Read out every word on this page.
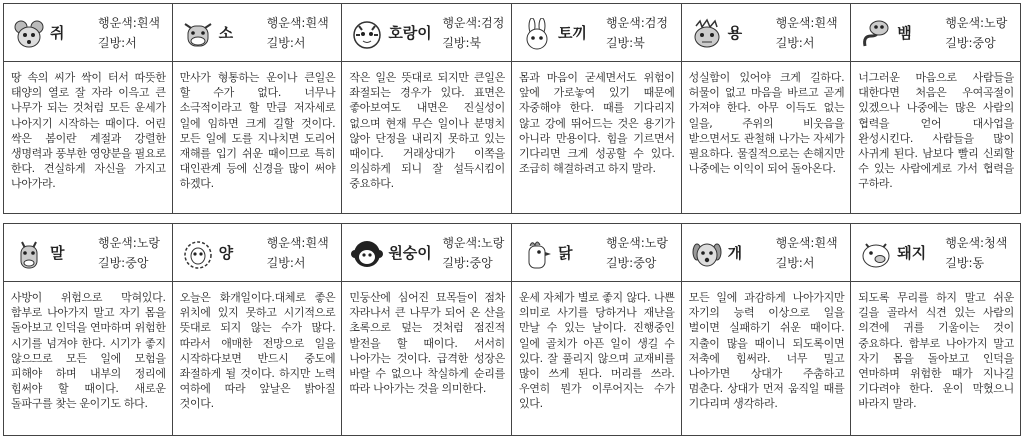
쥐
행운색:흰색
길방:서
땅 속의 씨가 싹이 터서 따뜻한 태양의 열로 잘 자라 이윽고 큰 나무가 되는 것처럼 모든 운세가 나아지기 시작하는 때이다. 어린 싹은 봄이란 계절과 강렬한 생명력과 풍부한 영양분을 필요로 한다. 견실하게 자신을 가지고 나아가라.
소
행운색:흰색
길방:서
만사가 형통하는 운이나 큰일은 할 수가 없다. 너무나 소극적이라고 할 만큼 저자세로 일에 임하면 크게 길할 것이다. 모든 일에 도를 지나치면 도리어 재해를 입기 쉬운 때이므로 특히 대인관계 등에 신경을 많이 써야 하겠다.
호랑이
행운색:검정
길방:북
작은 일은 뜻대로 되지만 큰일은 좌절되는 경우가 있다. 표면은 좋아보여도 내면은 진실성이 없으며 현재 무슨 일이나 분명치 않아 단정을 내리지 못하고 있는 때이다. 거래상대가 이쪽을 의심하게 되니 잘 설득시킴이 중요하다.
토끼
행운색:검정
길방:북
몸과 마음이 굳세면서도 위험이 앞에 가로놓여 있기 때문에 자중해야 한다. 때를 기다리지 않고 강에 뛰어드는 것은 용기가 아니라 만용이다. 힘을 기르면서 기다리면 크게 성공할 수 있다. 조급히 해결하려고 하지 말라.
용
행운색:흰색
길방:서
성실함이 있어야 크게 길하다. 허물이 없고 마음을 바르고 곧게 가져야 한다. 아무 이득도 없는 일을, 주위의 비웃음을 받으면서도 관철해 나가는 자세가 필요하다. 물질적으로는 손해지만 나중에는 이익이 되어 돌아온다.
뱀
행운색:노랑
길방:중앙
너그러운 마음으로 사람들을 대한다면 처음은 우여곡절이 있겠으나 나중에는 많은 사람의 협력을 얻어 대사업을 완성시킨다. 사람들을 많이 사귀게 된다. 남보다 빨리 신뢰할 수 있는 사람에게로 가서 협력을 구하라.
말
행운색:노랑
길방:중앙
사방이 위험으로 막혀있다. 함부로 나아가지 말고 자기 몸을 돌아보고 인덕을 연마하며 위험한 시기를 넘겨야 한다. 시기가 좋지 않으므로 모든 일에 모험을 피해야 하며 내부의 정리에 힘써야 할 때이다. 새로운 돌파구를 찾는 운이기도 하다.
양
행운색:흰색
길방:서
오늘은 화개일이다.대체로 좋은 위치에 있지 못하고 시기적으로 뜻대로 되지 않는 수가 많다. 따라서 애매한 전망으로 일을 시작하다보면 반드시 중도에 좌절하게 될 것이다. 하지만 노력 여하에 따라 앞날은 밝아질 것이다.
원숭이
행운색:노랑
길방:중앙
민둥산에 심어진 묘목들이 점차 자라나서 큰 나무가 되어 온 산을 초록으로 덮는 것처럼 점진적 발전을 할 때이다. 서서히 나아가는 것이다. 급격한 성장은 바랄 수 없으나 착실하게 순리를 따라 나아가는 것을 의미한다.
닭
행운색:노랑
길방:중앙
운세 자체가 별로 좋지 않다. 나쁜 의미로 사기를 당하거나 재난을 만날 수 있는 날이다. 진행중인 일에 골치가 아픈 일이 생길 수 있다. 잘 풀리지 않으며 교재비를 많이 쓰게 된다. 머리를 쓰라. 우연히 뭔가 이루어지는 수가 있다.
개
행운색:흰색
길방:서
모든 일에 과감하게 나아가지만 자기의 능력 이상으로 일을 벌이면 실패하기 쉬운 때이다. 지출이 많을 때이니 되도록이면 저축에 힘써라. 너무 밀고 나아가면 상대가 주춤하고 멈춘다. 상대가 먼저 움직일 때를 기다리며 생각하라.
돼지
행운색:청색
길방:동
되도록 무리를 하지 말고 쉬운 길을 골라서 식견 있는 사람의 의견에 귀를 기울이는 것이 중요하다. 함부로 나아가지 말고 자기 몸을 돌아보고 인덕을 연마하며 위험한 때가 지나길 기다려야 한다. 운이 막혔으니 바라지 말라.
